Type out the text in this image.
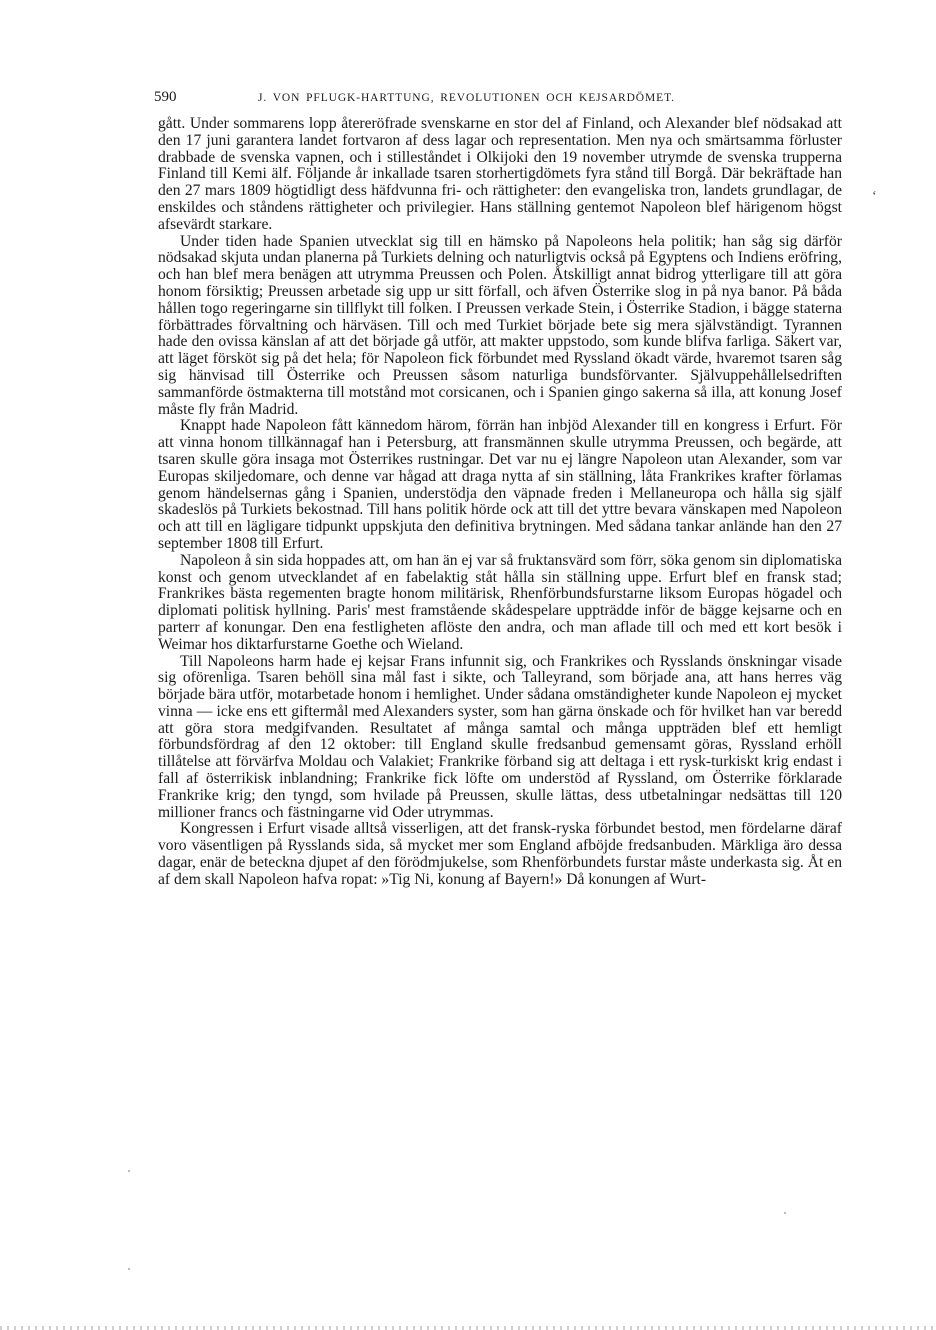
590	J. VON PFLUGK-HARTTUNG, REVOLUTIONEN OCH KEJSARDÖMET.

gått. Under sommarens lopp återeröfrade svenskarne en stor del af Finland, och Alexander blef nödsakad att den 17 juni garantera landet fortvaron af dess lagar och representation. Men nya och smärtsamma förluster drabbade de svenska vapnen, och i stilleståndet i Olkijoki den 19 november utrymde de svenska trupperna Finland till Kemi älf. Följande år inkallade tsaren storhertigdömets fyra stånd till Borgå. Där bekräftade han den 27 mars 1809 högtidligt dess häfdvunna fri- och rättigheter: den evangeliska tron, landets grundlagar, de enskildes och ståndens rättigheter och privilegier. Hans ställning gentemot Napoleon blef härigenom högst afsevärdt starkare.

Under tiden hade Spanien utvecklat sig till en hämsko på Napoleons hela politik; han såg sig därför nödsakad skjuta undan planerna på Turkiets delning och naturligtvis också på Egyptens och Indiens eröfring, och han blef mera benägen att utrymma Preussen och Polen. Åtskilligt annat bidrog ytterligare till att göra honom försiktig; Preussen arbetade sig upp ur sitt förfall, och äfven Österrike slog in på nya banor. På båda hållen togo regeringarne sin tillflykt till folken. I Preussen verkade Stein, i Österrike Stadion, i bägge staterna förbättrades förvaltning och härväsen. Till och med Turkiet började bete sig mera självständigt. Tyrannen hade den ovissa känslan af att det började gå utför, att makter uppstodo, som kunde blifva farliga. Säkert var, att läget försköt sig på det hela; för Napoleon fick förbundet med Ryssland ökadt värde, hvaremot tsaren såg sig hänvisad till Österrike och Preussen såsom naturliga bundsförvanter. Självuppehållelsedriften sammanförde östmakterna till motstånd mot corsicanen, och i Spanien gingo sakerna så illa, att konung Josef måste fly från Madrid.

Knappt hade Napoleon fått kännedom härom, förrän han inbjöd Alexander till en kongress i Erfurt. För att vinna honom tillkännagaf han i Petersburg, att fransmännen skulle utrymma Preussen, och begärde, att tsaren skulle göra insaga mot Österrikes rustningar. Det var nu ej längre Napoleon utan Alexander, som var Europas skiljedomare, och denne var hågad att draga nytta af sin ställning, låta Frankrikes krafter förlamas genom händelsernas gång i Spanien, understödja den väpnade freden i Mellaneuropa och hålla sig själf skadeslös på Turkiets bekostnad. Till hans politik hörde ock att till det yttre bevara vänskapen med Napoleon och att till en lägligare tidpunkt uppskjuta den definitiva brytningen. Med sådana tankar anlände han den 27 september 1808 till Erfurt.

Napoleon å sin sida hoppades att, om han än ej var så fruktansvärd som förr, söka genom sin diplomatiska konst och genom utvecklandet af en fabelaktig ståt hålla sin ställning uppe. Erfurt blef en fransk stad; Frankrikes bästa regementen bragte honom militärisk, Rhenförbundsfurstarne liksom Europas högadel och diplomati politisk hyllning. Paris' mest framstående skådespelare uppträdde inför de bägge kejsarne och en parterr af konungar. Den ena festligheten aflöste den andra, och man aflade till och med ett kort besök i Weimar hos diktarfurstarne Goethe och Wieland.

Till Napoleons harm hade ej kejsar Frans infunnit sig, och Frankrikes och Rysslands önskningar visade sig oförenliga. Tsaren behöll sina mål fast i sikte, och Talleyrand, som började ana, att hans herres väg började bära utför, motarbetade honom i hemlighet. Under sådana omständigheter kunde Napoleon ej mycket vinna — icke ens ett giftermål med Alexanders syster, som han gärna önskade och för hvilket han var beredd att göra stora medgifvanden. Resultatet af många samtal och många uppträden blef ett hemligt förbundsfördrag af den 12 oktober: till England skulle fredsanbud gemensamt göras, Ryssland erhöll tillåtelse att förvärfva Moldau och Valakiet; Frankrike förband sig att deltaga i ett rysk-turkiskt krig endast i fall af österrikisk inblandning; Frankrike fick löfte om understöd af Ryssland, om Österrike förklarade Frankrike krig; den tyngd, som hvilade på Preussen, skulle lättas, dess utbetalningar nedsättas till 120 millioner francs och fästningarne vid Oder utrymmas.

Kongressen i Erfurt visade alltså visserligen, att det fransk-ryska förbundet bestod, men fördelarne däraf voro väsentligen på Rysslands sida, så mycket mer som England afböjde fredsanbuden. Märkliga äro dessa dagar, enär de beteckna djupet af den förödmjukelse, som Rhenförbundets furstar måste underkasta sig. Åt en af dem skall Napoleon hafva ropat: »Tig Ni, konung af Bayern!» Då konungen af Wurt-

‘
